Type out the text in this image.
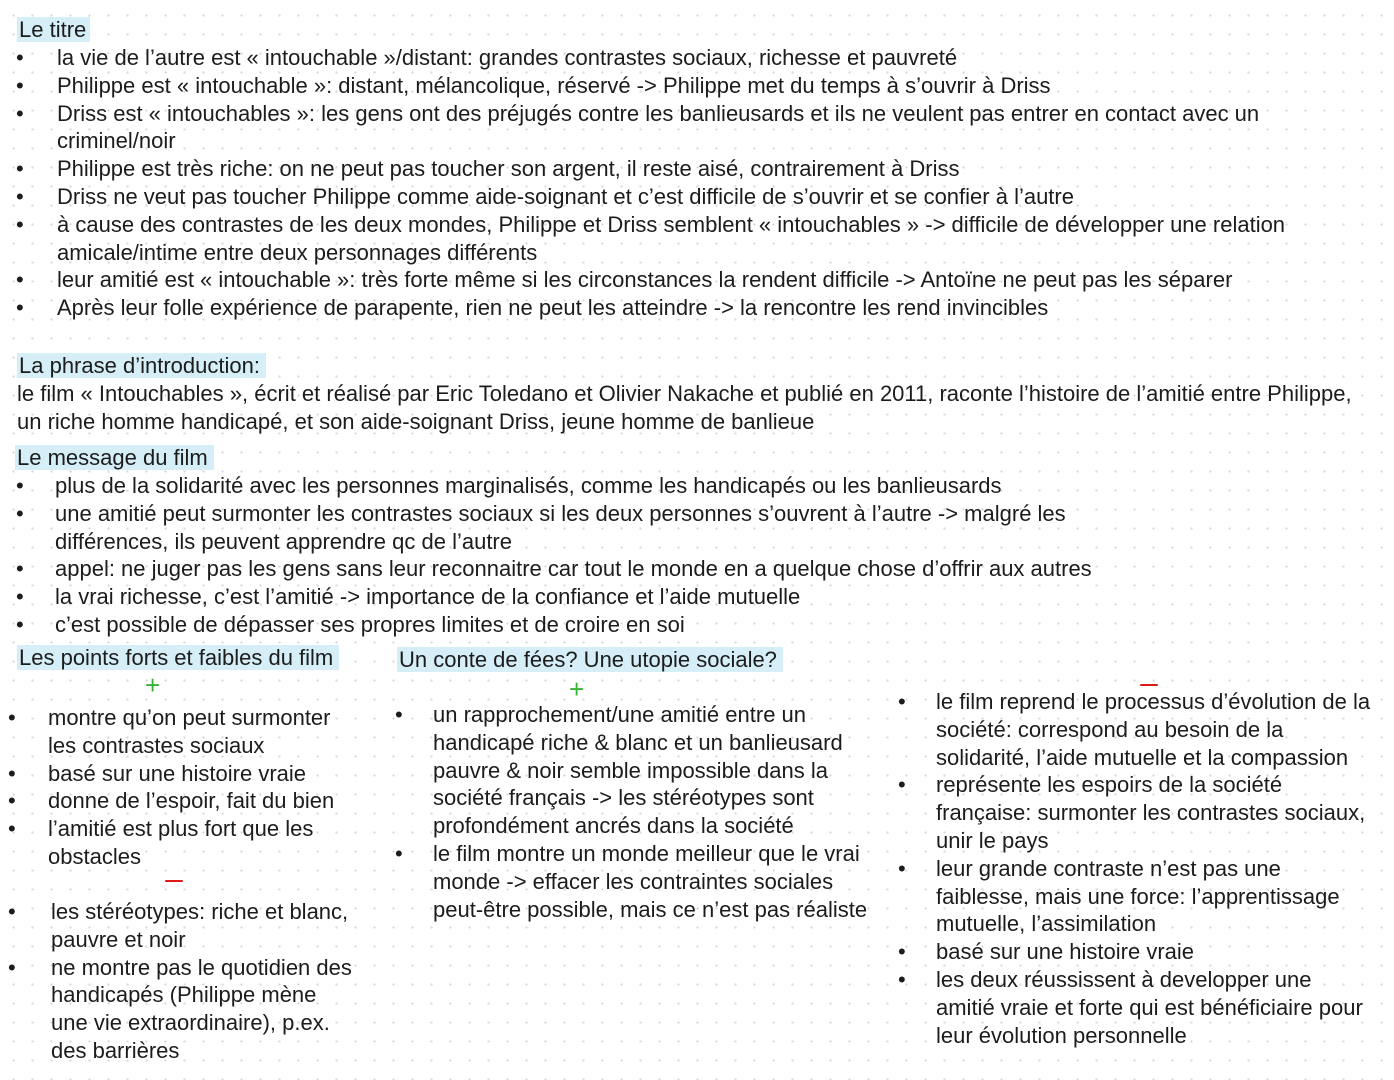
Le titre
• la vie de l’autre est « intouchable »/distant: grandes contrastes sociaux, richesse et pauvreté
• Philippe est « intouchable »: distant, mélancolique, réservé -> Philippe met du temps à s’ouvrir à Driss
• Driss est « intouchables »: les gens ont des préjugés contre les banlieusards et ils ne veulent pas entrer en contact avec un criminel/noir
• Philippe est très riche: on ne peut pas toucher son argent, il reste aisé, contrairement à Driss
• Driss ne veut pas toucher Philippe comme aide-soignant et c’est difficile de s’ouvrir et se confier à l’autre
• à cause des contrastes de les deux mondes, Philippe et Driss semblent « intouchables » -> difficile de développer une relation amicale/intime entre deux personnages différents
• leur amitié est « intouchable »: très forte même si les circonstances la rendent difficile -> Antoïne ne peut pas les séparer
• Après leur folle expérience de parapente, rien ne peut les atteindre -> la rencontre les rend invincibles
La phrase d’introduction:
le film « Intouchables », écrit et réalisé par Eric Toledano et Olivier Nakache et publié en 2011, raconte l’histoire de l’amitié entre Philippe, un riche homme handicapé, et son aide-soignant Driss, jeune homme de banlieue
Le message du film
• plus de la solidarité avec les personnes marginalisés, comme les handicapés ou les banlieusards
• une amitié peut surmonter les contrastes sociaux si les deux personnes s’ouvrent à l’autre -> malgré les différences, ils peuvent apprendre qc de l’autre
• appel: ne juger pas les gens sans leur reconnaitre car tout le monde en a quelque chose d’offrir aux autres
• la vrai richesse, c’est l’amitié -> importance de la confiance et l’aide mutuelle
• c’est possible de dépasser ses propres limites et de croire en soi
Les points forts et faibles du film
+
• montre qu’on peut surmonter les contrastes sociaux
• basé sur une histoire vraie
• donne de l’espoir, fait du bien
• l’amitié est plus fort que les obstacles
• les stéréotypes: riche et blanc, pauvre et noir
• ne montre pas le quotidien des handicapés (Philippe mène une vie extraordinaire), p.ex. des barrières
Un conte de fées? Une utopie sociale?
+
• un rapprochement/une amitié entre un handicapé riche & blanc et un banlieusard pauvre & noir semble impossible dans la société français -> les stéréotypes sont profondément ancrés dans la société
• le film montre un monde meilleur que le vrai monde -> effacer les contraintes sociales peut-être possible, mais ce n’est pas réaliste
• le film reprend le processus d’évolution de la société: correspond au besoin de la solidarité, l’aide mutuelle et la compassion
• représente les espoirs de la société française: surmonter les contrastes sociaux, unir le pays
• leur grande contraste n’est pas une faiblesse, mais une force: l’apprentissage mutuelle, l’assimilation
• basé sur une histoire vraie
• les deux réussissent à developper une amitié vraie et forte qui est bénéficiaire pour leur évolution personnelle
